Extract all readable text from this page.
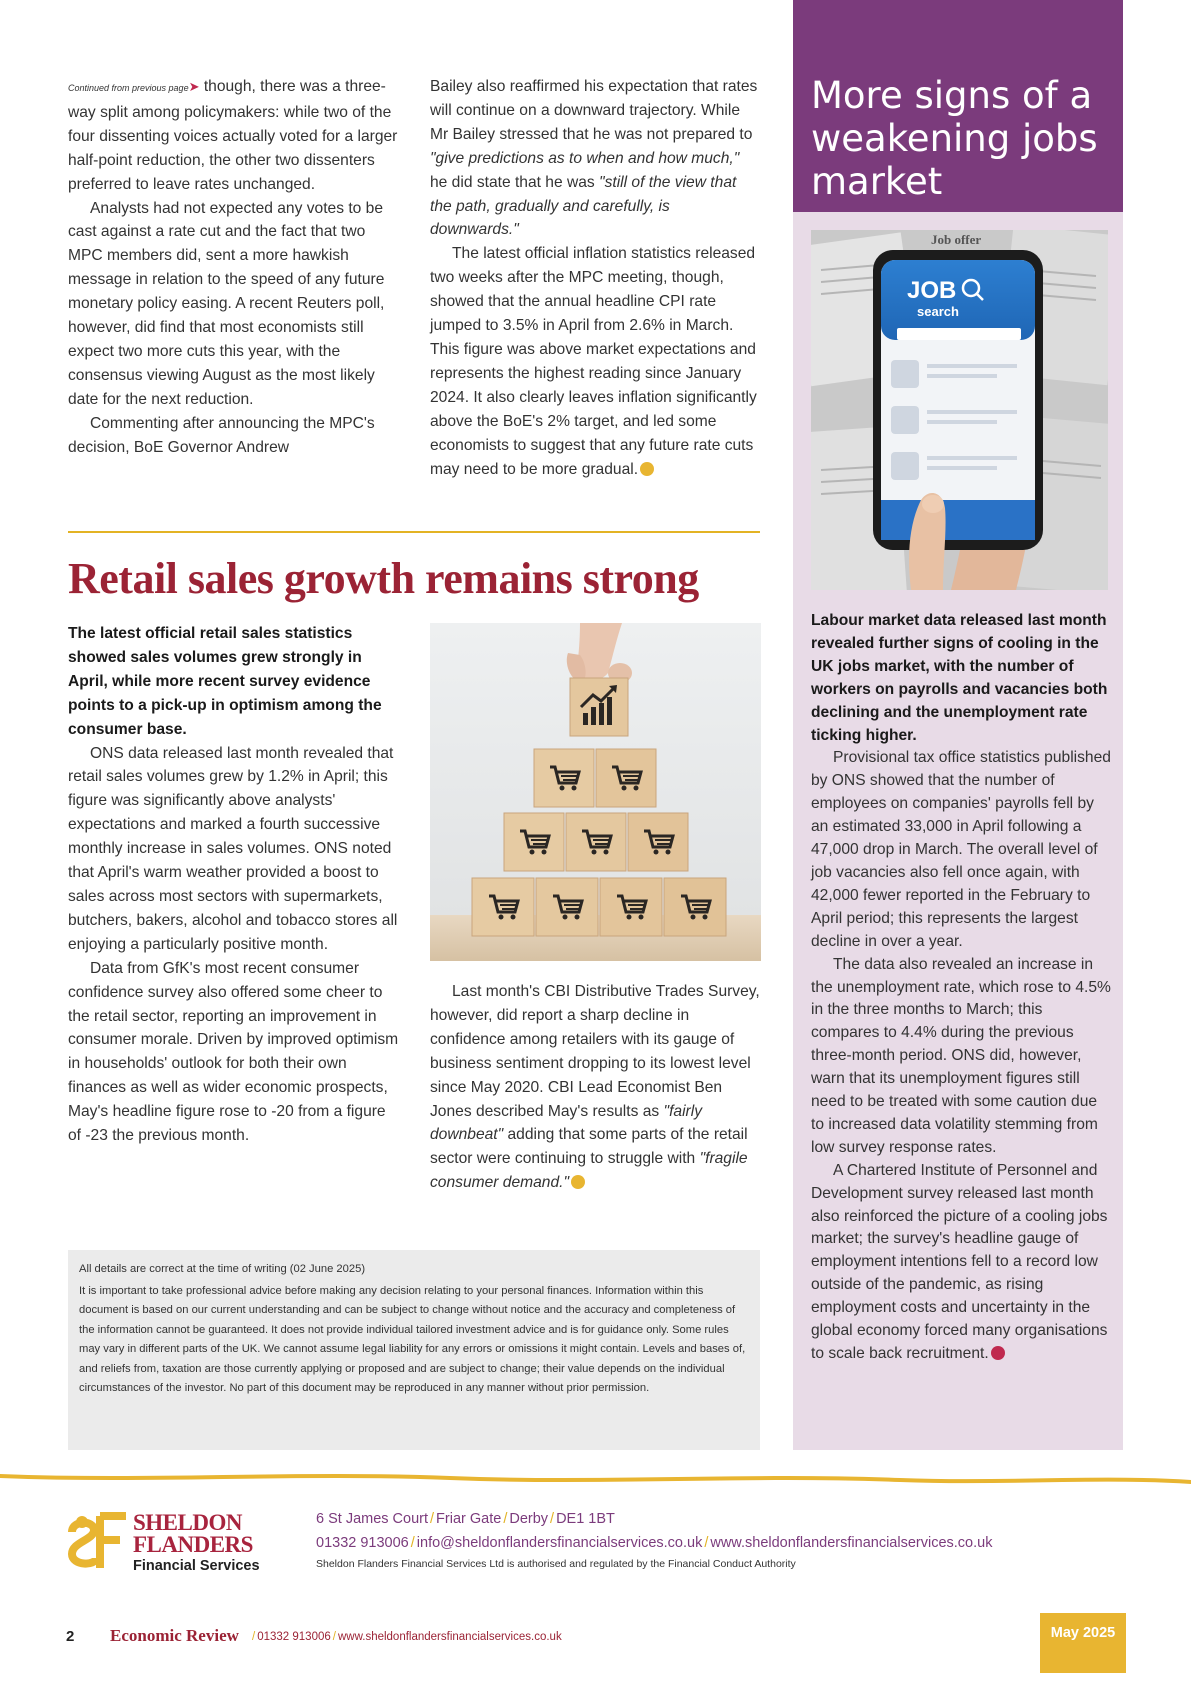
Continued from previous page➤ though, there was a three-way split among policymakers: while two of the four dissenting voices actually voted for a larger half-point reduction, the other two dissenters preferred to leave rates unchanged.

Analysts had not expected any votes to be cast against a rate cut and the fact that two MPC members did, sent a more hawkish message in relation to the speed of any future monetary policy easing. A recent Reuters poll, however, did find that most economists still expect two more cuts this year, with the consensus viewing August as the most likely date for the next reduction.

Commenting after announcing the MPC's decision, BoE Governor Andrew

Bailey also reaffirmed his expectation that rates will continue on a downward trajectory. While Mr Bailey stressed that he was not prepared to "give predictions as to when and how much," he did state that he was "still of the view that the path, gradually and carefully, is downwards."

The latest official inflation statistics released two weeks after the MPC meeting, though, showed that the annual headline CPI rate jumped to 3.5% in April from 2.6% in March. This figure was above market expectations and represents the highest reading since January 2024. It also clearly leaves inflation significantly above the BoE's 2% target, and led some economists to suggest that any future rate cuts may need to be more gradual.

Retail sales growth remains strong

The latest official retail sales statistics showed sales volumes grew strongly in April, while more recent survey evidence points to a pick-up in optimism among the consumer base.

ONS data released last month revealed that retail sales volumes grew by 1.2% in April; this figure was significantly above analysts' expectations and marked a fourth successive monthly increase in sales volumes. ONS noted that April's warm weather provided a boost to sales across most sectors with supermarkets, butchers, bakers, alcohol and tobacco stores all enjoying a particularly positive month.

Data from GfK's most recent consumer confidence survey also offered some cheer to the retail sector, reporting an improvement in consumer morale. Driven by improved optimism in households' outlook for both their own finances as well as wider economic prospects, May's headline figure rose to -20 from a figure of -23 the previous month.

Last month's CBI Distributive Trades Survey, however, did report a sharp decline in confidence among retailers with its gauge of business sentiment dropping to its lowest level since May 2020. CBI Lead Economist Ben Jones described May's results as "fairly downbeat" adding that some parts of the retail sector were continuing to struggle with "fragile consumer demand."

All details are correct at the time of writing (02 June 2025)
It is important to take professional advice before making any decision relating to your personal finances. Information within this document is based on our current understanding and can be subject to change without notice and the accuracy and completeness of the information cannot be guaranteed. It does not provide individual tailored investment advice and is for guidance only. Some rules may vary in different parts of the UK. We cannot assume legal liability for any errors or omissions it might contain. Levels and bases of, and reliefs from, taxation are those currently applying or proposed and are subject to change; their value depends on the individual circumstances of the investor. No part of this document may be reproduced in any manner without prior permission.
More signs of a weakening jobs market
Job offer
JOB
search

Labour market data released last month revealed further signs of cooling in the UK jobs market, with the number of workers on payrolls and vacancies both declining and the unemployment rate ticking higher.

Provisional tax office statistics published by ONS showed that the number of employees on companies' payrolls fell by an estimated 33,000 in April following a 47,000 drop in March. The overall level of job vacancies also fell once again, with 42,000 fewer reported in the February to April period; this represents the largest decline in over a year.

The data also revealed an increase in the unemployment rate, which rose to 4.5% in the three months to March; this compares to 4.4% during the previous three-month period. ONS did, however, warn that its unemployment figures still need to be treated with some caution due to increased data volatility stemming from low survey response rates.

A Chartered Institute of Personnel and Development survey released last month also reinforced the picture of a cooling jobs market; the survey's headline gauge of employment intentions fell to a record low outside of the pandemic, as rising employment costs and uncertainty in the global economy forced many organisations to scale back recruitment.

SHELDON
FLANDERS
Financial Services
6 St James Court / Friar Gate / Derby / DE1 1BT
01332 913006 / info@sheldonflandersfinancialservices.co.uk / www.sheldonflandersfinancialservices.co.uk
Sheldon Flanders Financial Services Ltd is authorised and regulated by the Financial Conduct Authority
2 Economic Review / 01332 913006 / www.sheldonflandersfinancialservices.co.uk	May 2025
